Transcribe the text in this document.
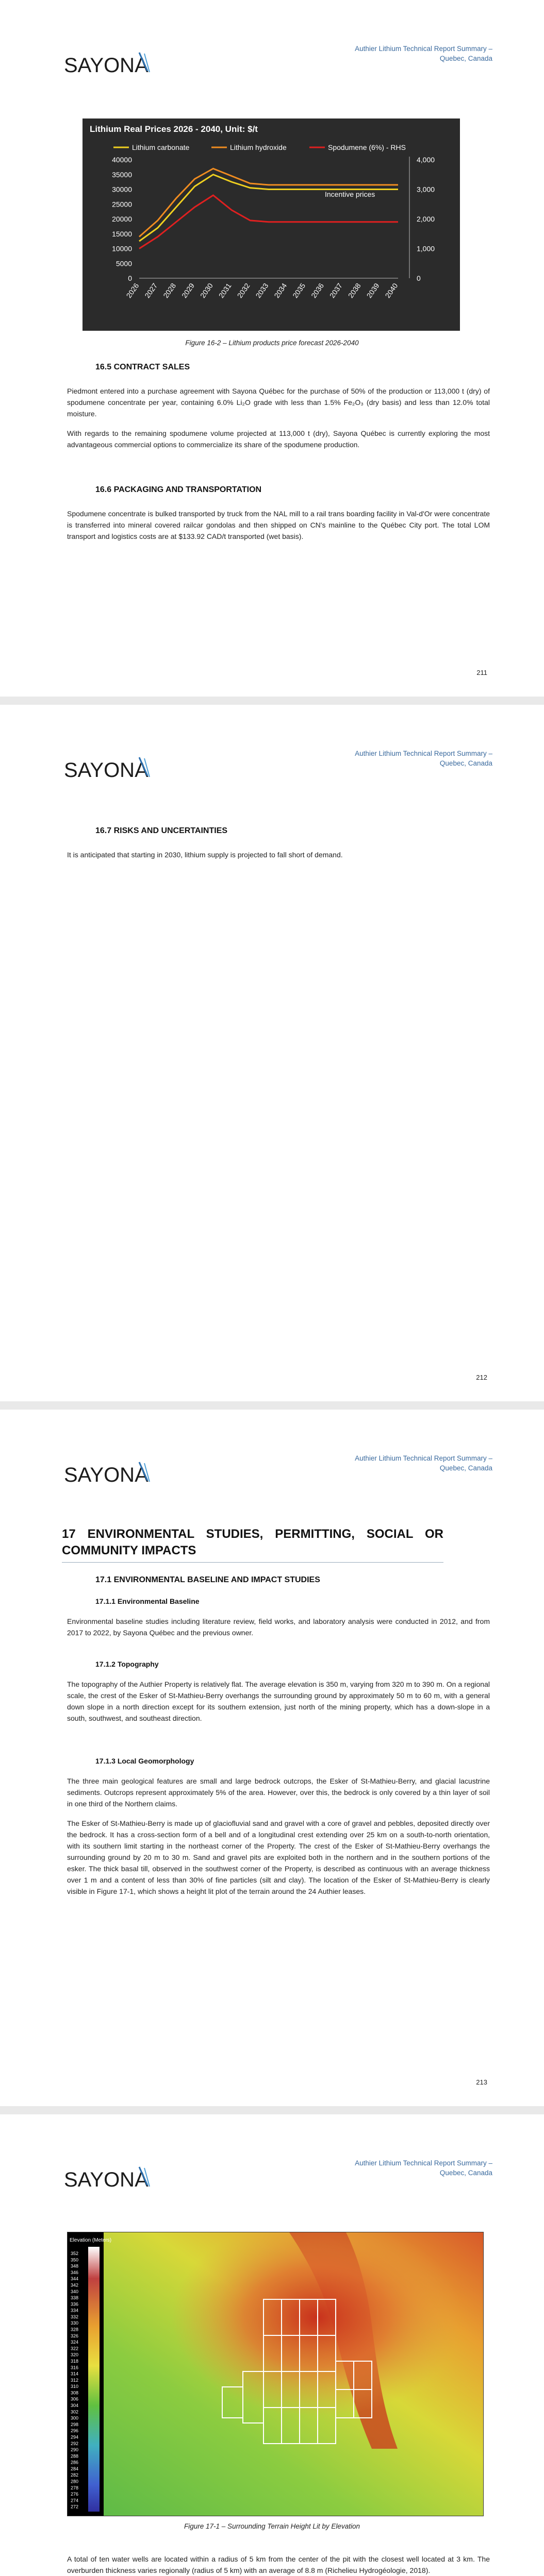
SAYONA
Authier Lithium Technical Report Summary –
Quebec, Canada
Lithium Real Prices 2026 - 2040, Unit: $/t
Lithium carbonate	Lithium hydroxide	Spodumene (6%) - RHS
40000
35000
30000
25000
20000
15000
10000
5000
0
4,000
3,000
2,000
1,000
0
2026 2027 2028 2029 2030 2031 2032 2033 2034 2035 2036 2037 2038 2039 2040
Incentive prices
Figure 16-2 – Lithium products price forecast 2026-2040
16.5 CONTRACT SALES
Piedmont entered into a purchase agreement with Sayona Québec for the purchase of 50% of the production or 113,000 t (dry) of spodumene concentrate per year, containing 6.0% Li₂O grade with less than 1.5% Fe₂O₃ (dry basis) and less than 12.0% total moisture.
With regards to the remaining spodumene volume projected at 113,000 t (dry), Sayona Québec is currently exploring the most advantageous commercial options to commercialize its share of the spodumene production.
16.6 PACKAGING AND TRANSPORTATION
Spodumene concentrate is bulked transported by truck from the NAL mill to a rail trans boarding facility in Val-d'Or were concentrate is transferred into mineral covered railcar gondolas and then shipped on CN's mainline to the Québec City port. The total LOM transport and logistics costs are at $133.92 CAD/t transported (wet basis).
211
SAYONA
Authier Lithium Technical Report Summary –
Quebec, Canada
16.7 RISKS AND UNCERTAINTIES
It is anticipated that starting in 2030, lithium supply is projected to fall short of demand.
212
SAYONA
Authier Lithium Technical Report Summary –
Quebec, Canada
17 ENVIRONMENTAL STUDIES, PERMITTING, SOCIAL OR COMMUNITY IMPACTS
17.1 ENVIRONMENTAL BASELINE AND IMPACT STUDIES
17.1.1 Environmental Baseline
Environmental baseline studies including literature review, field works, and laboratory analysis were conducted in 2012, and from 2017 to 2022, by Sayona Québec and the previous owner.
17.1.2 Topography
The topography of the Authier Property is relatively flat. The average elevation is 350 m, varying from 320 m to 390 m. On a regional scale, the crest of the Esker of St-Mathieu-Berry overhangs the surrounding ground by approximately 50 m to 60 m, with a general down slope in a north direction except for its southern extension, just north of the mining property, which has a down-slope in a south, southwest, and southeast direction.
17.1.3 Local Geomorphology
The three main geological features are small and large bedrock outcrops, the Esker of St-Mathieu-Berry, and glacial lacustrine sediments. Outcrops represent approximately 5% of the area. However, over this, the bedrock is only covered by a thin layer of soil in one third of the Northern claims.
The Esker of St-Mathieu-Berry is made up of glaciofluvial sand and gravel with a core of gravel and pebbles, deposited directly over the bedrock. It has a cross-section form of a bell and of a longitudinal crest extending over 25 km on a south-to-north orientation, with its southern limit starting in the northeast corner of the Property. The crest of the Esker of St-Mathieu-Berry overhangs the surrounding ground by 20 m to 30 m. Sand and gravel pits are exploited both in the northern and in the southern portions of the esker. The thick basal till, observed in the southwest corner of the Property, is described as continuous with an average thickness over 1 m and a content of less than 30% of fine particles (silt and clay). The location of the Esker of St-Mathieu-Berry is clearly visible in Figure 17-1, which shows a height lit plot of the terrain around the 24 Authier leases.
213
SAYONA
Authier Lithium Technical Report Summary –
Quebec, Canada
Elevation (Meters)
352
350
348
346
344
342
340
338
336
334
332
330
328
326
324
322
320
318
316
314
312
310
308
306
304
302
300
298
296
294
292
290
288
286
284
282
280
278
276
274
272
Figure 17-1 – Surrounding Terrain Height Lit by Elevation
A total of ten water wells are located within a radius of 5 km from the center of the pit with the closest well located at 3 km. The overburden thickness varies regionally (radius of 5 km) with an average of 8.8 m (Richelieu Hydrogéologie, 2018).
